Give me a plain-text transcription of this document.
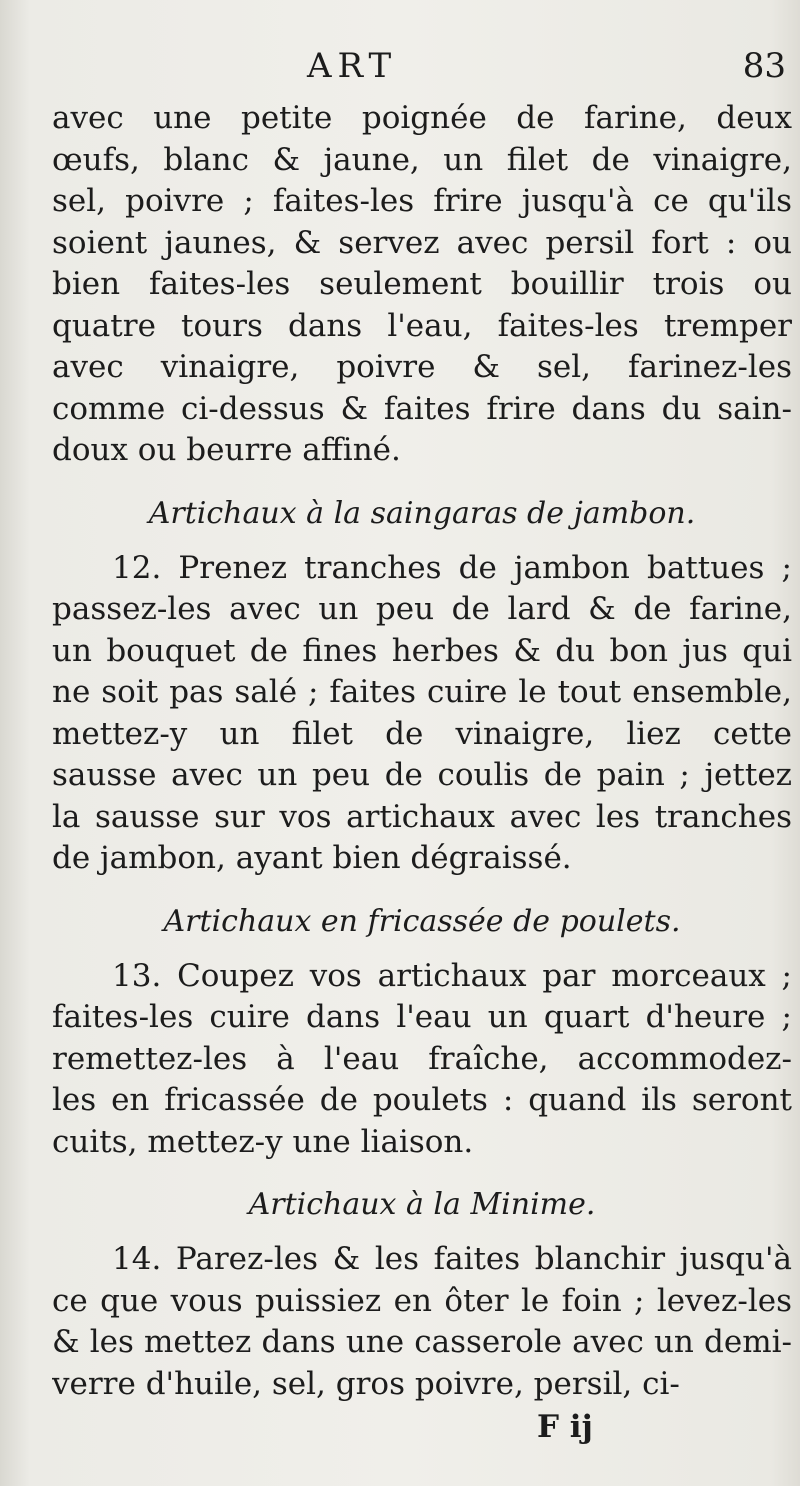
ART	83
avec une petite poignée de farine, deux
œufs, blanc & jaune, un filet de vinaigre,
sel, poivre ; faites-les frire jusqu'à ce qu'ils
soient jaunes, & servez avec persil fort : ou
bien faites-les seulement bouillir trois ou
quatre tours dans l'eau, faites-les tremper
avec vinaigre, poivre & sel, farinez-les
comme ci-dessus & faites frire dans du sain-
doux ou beurre affiné.
Artichaux à la saingaras de jambon.
12. Prenez tranches de jambon battues ;
passez-les avec un peu de lard & de farine,
un bouquet de fines herbes & du bon jus qui
ne soit pas salé ; faites cuire le tout ensemble,
mettez-y un filet de vinaigre, liez cette
sausse avec un peu de coulis de pain ; jettez
la sausse sur vos artichaux avec les tranches
de jambon, ayant bien dégraissé.
Artichaux en fricassée de poulets.
13. Coupez vos artichaux par morceaux ;
faites-les cuire dans l'eau un quart d'heure ;
remettez-les à l'eau fraîche, accommodez-
les en fricassée de poulets : quand ils seront
cuits, mettez-y une liaison.
Artichaux à la Minime.
14. Parez-les & les faites blanchir jusqu'à
ce que vous puissiez en ôter le foin ; levez-les
& les mettez dans une casserole avec un demi-
verre d'huile, sel, gros poivre, persil, ci-
F ij
